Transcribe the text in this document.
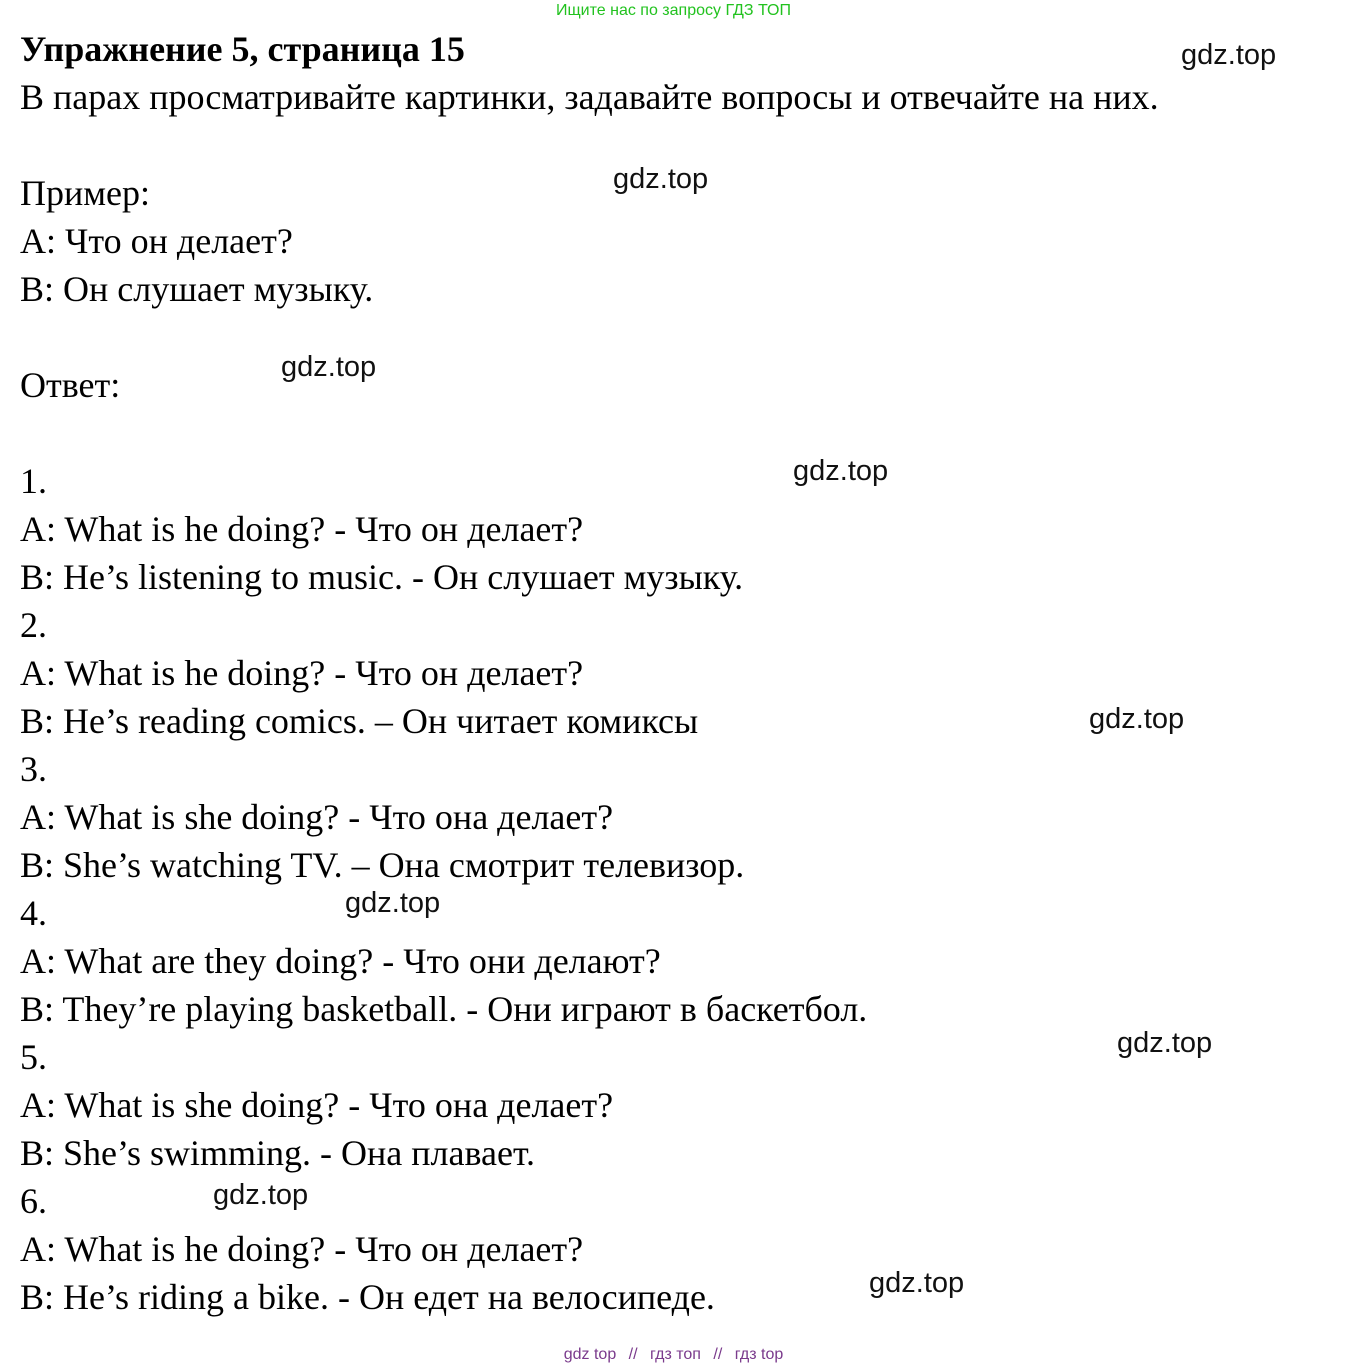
Ищите нас по запросу ГДЗ ТОП
Упражнение 5, страница 15
В парах просматривайте картинки, задавайте вопросы и отвечайте на них.
Пример:
A: Что он делает?
B: Он слушает музыку.
Ответ:
1.
A: What is he doing? - Что он делает?
B: He’s listening to music. - Он слушает музыку.
2.
A: What is he doing? - Что он делает?
B: He’s reading comics. – Он читает комиксы
3.
A: What is she doing? - Что она делает?
B: She’s watching TV. – Она смотрит телевизор.
4.
A: What are they doing? - Что они делают?
B: They’re playing basketball. - Они играют в баскетбол.
5.
A: What is she doing? - Что она делает?
B: She’s swimming. - Она плавает.
6.
A: What is he doing? - Что он делает?
B: He’s riding a bike. - Он едет на велосипеде.
gdz.top
gdz.top
gdz.top
gdz.top
gdz.top
gdz.top
gdz.top
gdz.top
gdz.top
gdz top // гдз топ // гдз top
